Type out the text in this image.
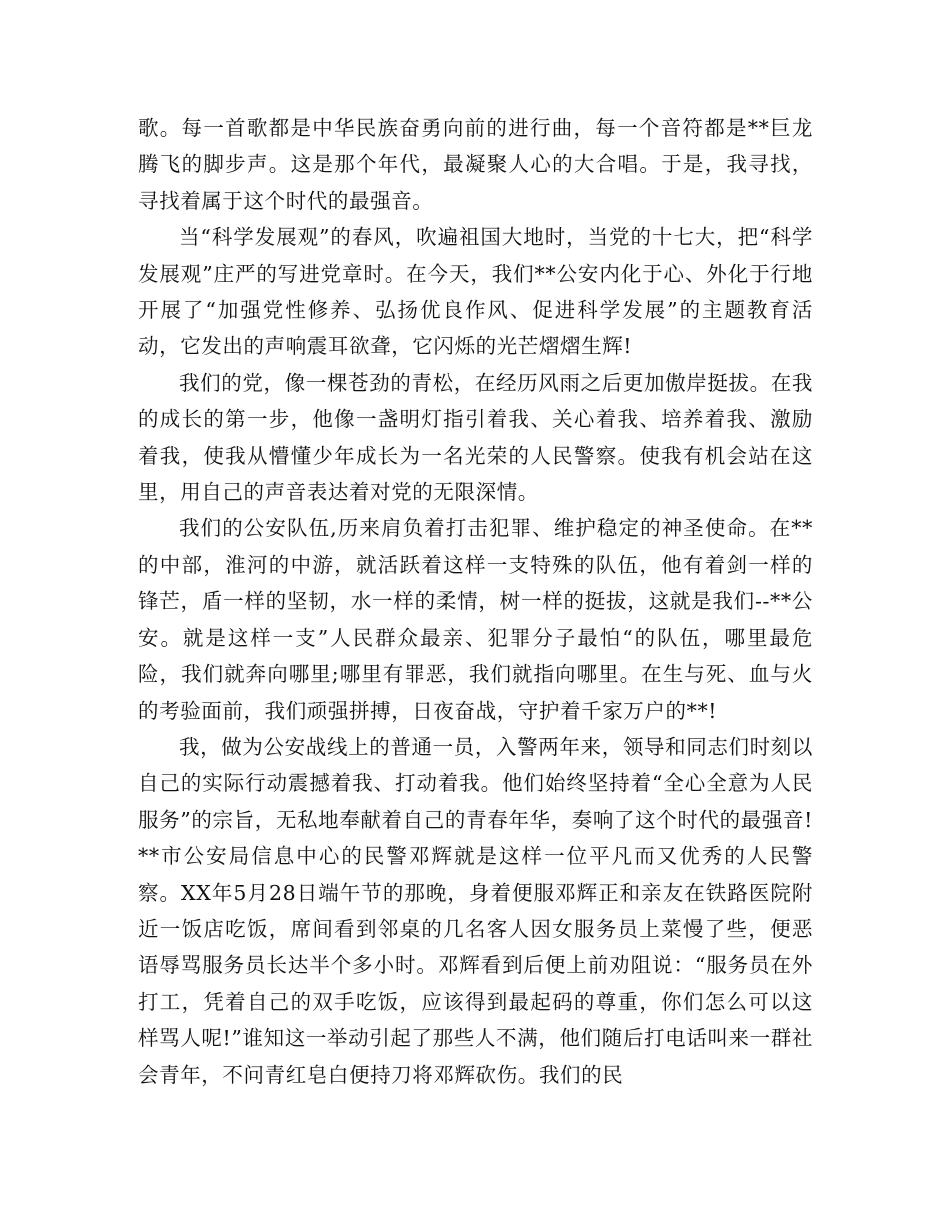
歌。每一首歌都是中华民族奋勇向前的进行曲，每一个音符都是**巨龙腾飞的脚步声。这是那个年代，最凝聚人心的大合唱。于是，我寻找，寻找着属于这个时代的最强音。

当“科学发展观”的春风，吹遍祖国大地时，当党的十七大，把“科学发展观”庄严的写进党章时。在今天，我们**公安内化于心、外化于行地开展了“加强党性修养、弘扬优良作风、促进科学发展”的主题教育活动，它发出的声响震耳欲聋，它闪烁的光芒熠熠生辉!

我们的党，像一棵苍劲的青松，在经历风雨之后更加傲岸挺拔。在我的成长的第一步，他像一盏明灯指引着我、关心着我、培养着我、激励着我，使我从懵懂少年成长为一名光荣的人民警察。使我有机会站在这里，用自己的声音表达着对党的无限深情。

我们的公安队伍,历来肩负着打击犯罪、维护稳定的神圣使命。在**的中部，淮河的中游，就活跃着这样一支特殊的队伍，他有着剑一样的锋芒，盾一样的坚韧，水一样的柔情，树一样的挺拔，这就是我们--**公安。就是这样一支”人民群众最亲、犯罪分子最怕“的队伍，哪里最危险，我们就奔向哪里;哪里有罪恶，我们就指向哪里。在生与死、血与火的考验面前，我们顽强拼搏，日夜奋战，守护着千家万户的**!

我，做为公安战线上的普通一员，入警两年来，领导和同志们时刻以自己的实际行动震撼着我、打动着我。他们始终坚持着“全心全意为人民服务”的宗旨，无私地奉献着自己的青春年华，奏响了这个时代的最强音!**市公安局信息中心的民警邓辉就是这样一位平凡而又优秀的人民警察。XX年5月28日端午节的那晚，身着便服邓辉正和亲友在铁路医院附近一饭店吃饭，席间看到邻桌的几名客人因女服务员上菜慢了些，便恶语辱骂服务员长达半个多小时。邓辉看到后便上前劝阻说：“服务员在外打工，凭着自己的双手吃饭，应该得到最起码的尊重，你们怎么可以这样骂人呢!”谁知这一举动引起了那些人不满，他们随后打电话叫来一群社会青年，不问青红皂白便持刀将邓辉砍伤。我们的民
